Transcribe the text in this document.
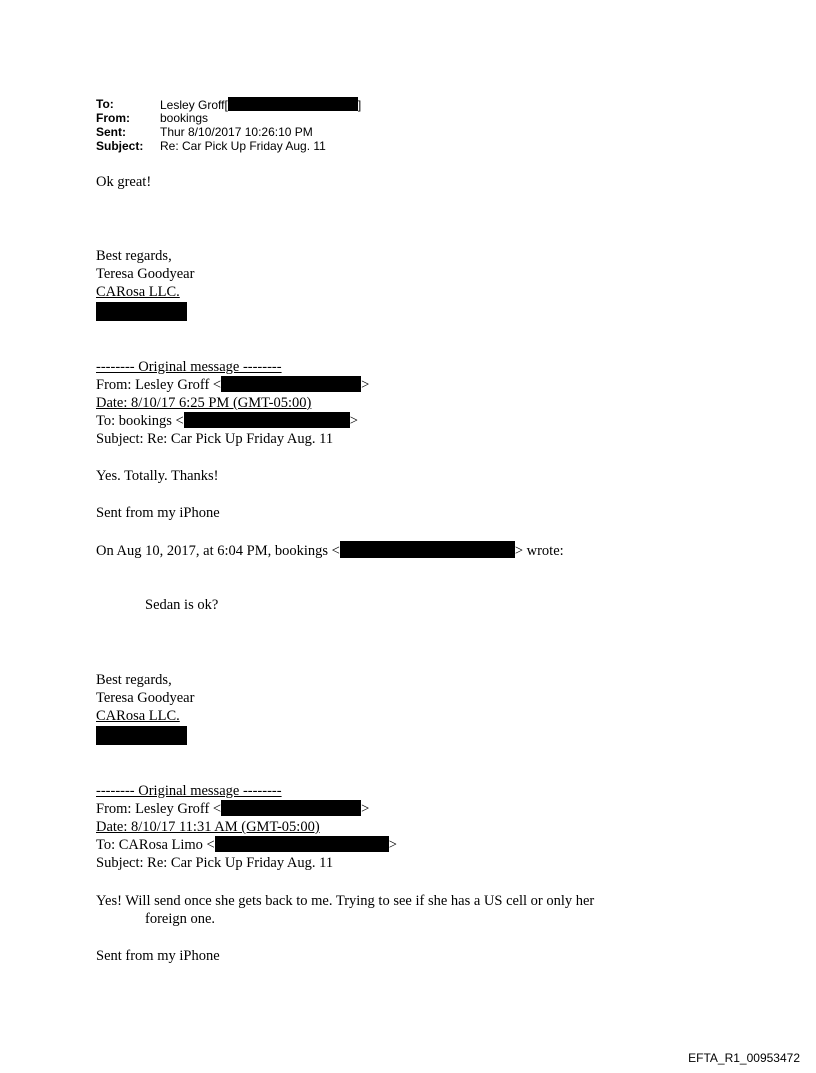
To:	Lesley Groff[	]
From:	bookings
Sent:	Thur 8/10/2017 10:26:10 PM
Subject: Re: Car Pick Up Friday Aug. 11
Ok great!
Best regards,
Teresa Goodyear
CARosa LLC.
-------- Original message --------
From: Lesley Groff <	>
Date: 8/10/17 6:25 PM (GMT-05:00)
To: bookings <	>
Subject: Re: Car Pick Up Friday Aug. 11
Yes. Totally. Thanks!
Sent from my iPhone
On Aug 10, 2017, at 6:04 PM, bookings <	> wrote:
Sedan is ok?
Best regards,
Teresa Goodyear
CARosa LLC.
-------- Original message --------
From: Lesley Groff <	>
Date: 8/10/17 11:31 AM (GMT-05:00)
To: CARosa Limo <	>
Subject: Re: Car Pick Up Friday Aug. 11
Yes! Will send once she gets back to me. Trying to see if she has a US cell or only her
foreign one.
Sent from my iPhone
EFTA_R1_00953472
